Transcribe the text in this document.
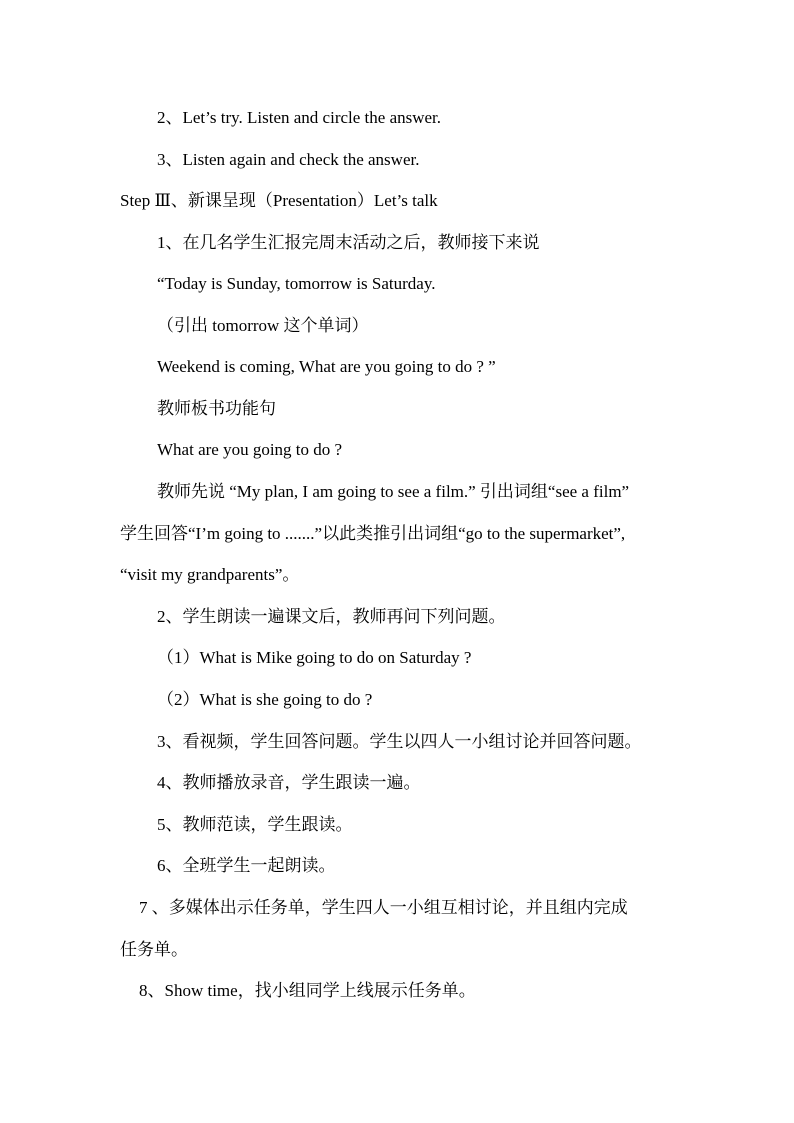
2、Let’s try. Listen and circle the answer.
3、Listen again and check the answer.
Step Ⅲ、新课呈现（Presentation）Let’s talk
1、在几名学生汇报完周末活动之后，教师接下来说
“Today is Sunday, tomorrow is Saturday.
（引出 tomorrow 这个单词）
Weekend is coming, What are you going to do ? ”
教师板书功能句
What are you going to do ?
教师先说 “My plan, I am going to see a film.” 引出词组“see a film”
学生回答“I’m going to .......”以此类推引出词组“go to the supermarket”,
“visit my grandparents”。
2、学生朗读一遍课文后，教师再问下列问题。
（1）What is Mike going to do on Saturday ?
（2）What is she going to do ?
3、看视频，学生回答问题。学生以四人一小组讨论并回答问题。
4、教师播放录音，学生跟读一遍。
5、教师范读，学生跟读。
6、全班学生一起朗读。
7 、多媒体出示任务单，学生四人一小组互相讨论，并且组内完成
任务单。
8、Show time，找小组同学上线展示任务单。
